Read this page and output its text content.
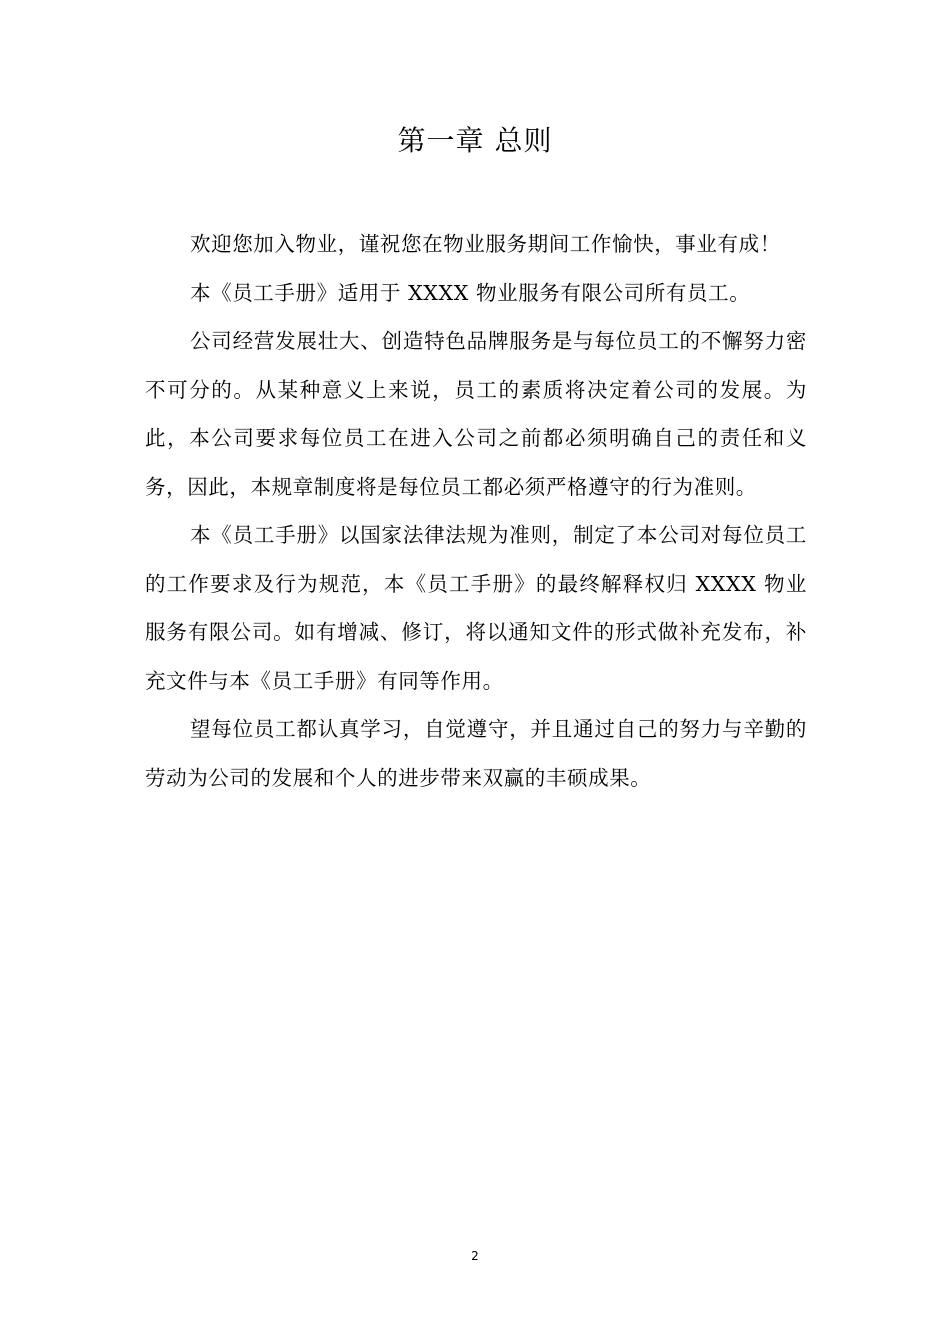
第一章 总则

欢迎您加入物业，谨祝您在物业服务期间工作愉快，事业有成！

本《员工手册》适用于 XXXX 物业服务有限公司所有员工。

公司经营发展壮大、创造特色品牌服务是与每位员工的不懈努力密不可分的。从某种意义上来说，员工的素质将决定着公司的发展。为此，本公司要求每位员工在进入公司之前都必须明确自己的责任和义务，因此，本规章制度将是每位员工都必须严格遵守的行为准则。

本《员工手册》以国家法律法规为准则，制定了本公司对每位员工的工作要求及行为规范，本《员工手册》的最终解释权归 XXXX 物业服务有限公司。如有增减、修订，将以通知文件的形式做补充发布，补充文件与本《员工手册》有同等作用。

望每位员工都认真学习，自觉遵守，并且通过自己的努力与辛勤的劳动为公司的发展和个人的进步带来双赢的丰硕成果。

2
